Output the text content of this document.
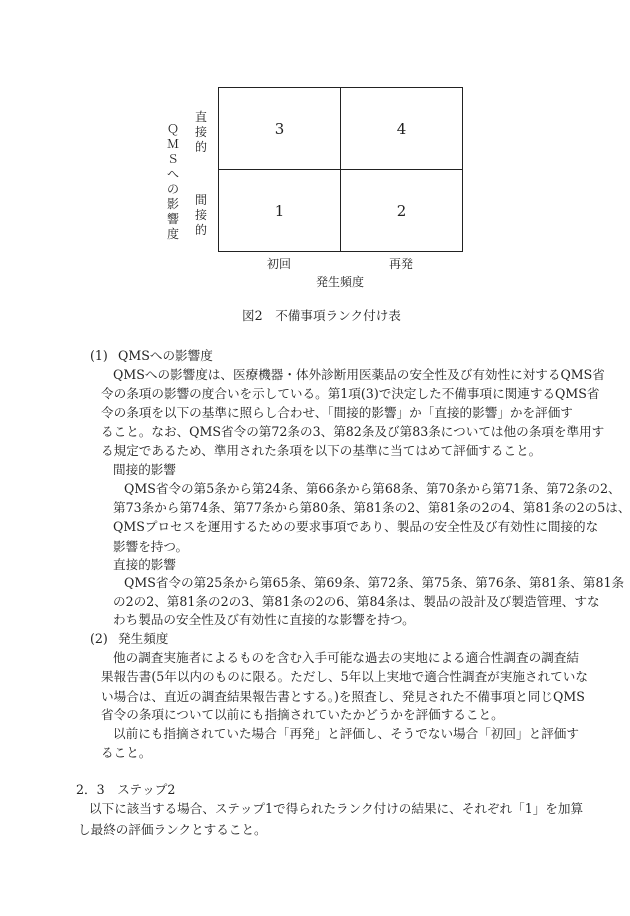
ＱＭＳへの影響度
直接的
間接的
3	4
1	2
初回	再発
発生頻度
図2　不備事項ランク付け表
(1) QMSへの影響度
QMSへの影響度は、医療機器・体外診断用医薬品の安全性及び有効性に対するQMS省
令の条項の影響の度合いを示している。第1項(3)で決定した不備事項に関連するQMS省
令の条項を以下の基準に照らし合わせ、「間接的影響」か「直接的影響」かを評価す
ること。なお、QMS省令の第72条の3、第82条及び第83条については他の条項を準用す
る規定であるため、準用された条項を以下の基準に当てはめて評価すること。
間接的影響
QMS省令の第5条から第24条、第66条から第68条、第70条から第71条、第72条の2、
第73条から第74条、第77条から第80条、第81条の2、第81条の2の4、第81条の2の5は、
QMSプロセスを運用するための要求事項であり、製品の安全性及び有効性に間接的な
影響を持つ。
直接的影響
QMS省令の第25条から第65条、第69条、第72条、第75条、第76条、第81条、第81条
の2の2、第81条の2の3、第81条の2の6、第84条は、製品の設計及び製造管理、すな
わち製品の安全性及び有効性に直接的な影響を持つ。
(2) 発生頻度
他の調査実施者によるものを含む入手可能な過去の実地による適合性調査の調査結
果報告書(5年以内のものに限る。ただし、5年以上実地で適合性調査が実施されていな
い場合は、直近の調査結果報告書とする。)を照査し、発見された不備事項と同じQMS
省令の条項について以前にも指摘されていたかどうかを評価すること。
以前にも指摘されていた場合「再発」と評価し、そうでない場合「初回」と評価す
ること。
2．3　ステップ2
以下に該当する場合、ステップ1で得られたランク付けの結果に、それぞれ「1」を加算
し最終の評価ランクとすること。
